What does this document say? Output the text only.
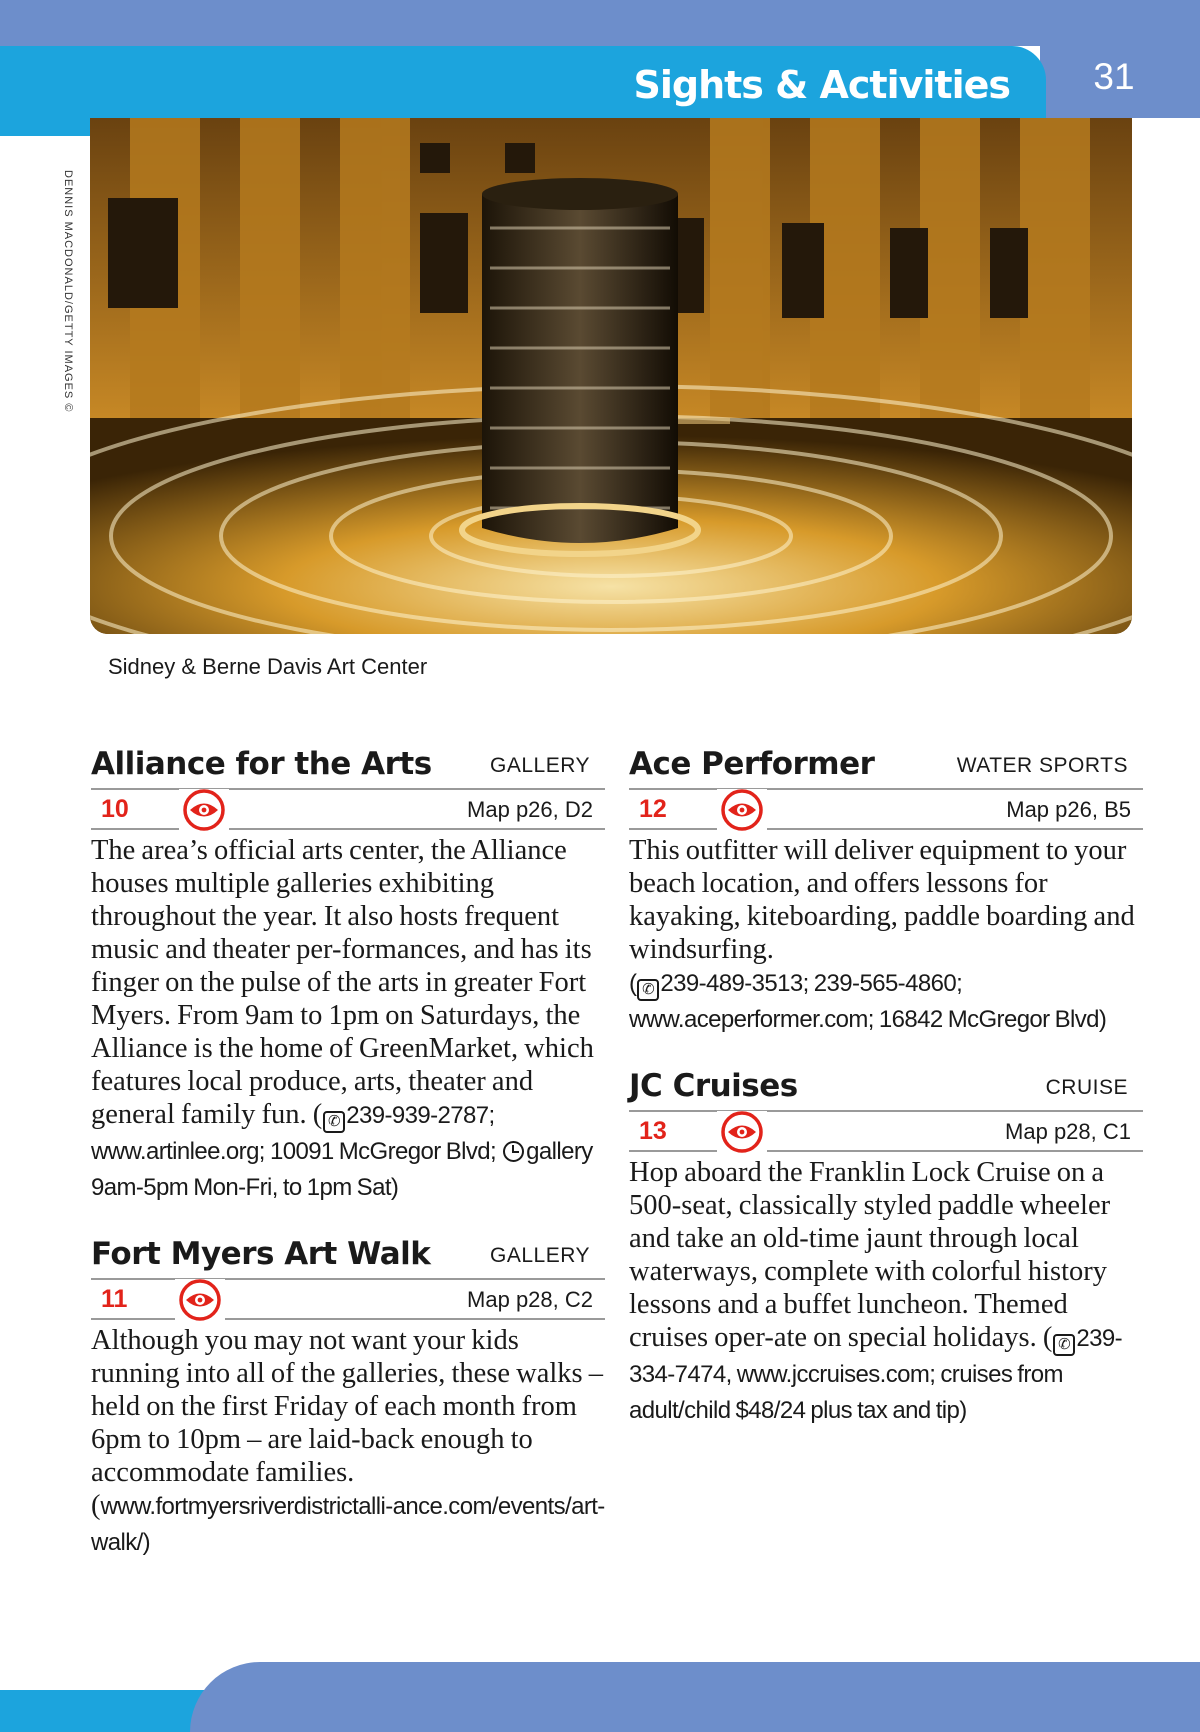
31
Sights & Activities
DENNIS MACDONALD/GETTY IMAGES ©
Sidney & Berne Davis Art Center
Alliance for the Arts	GALLERY
10	Map p26, D2
The area’s official arts center, the Alliance houses multiple galleries exhibiting throughout the year. It also hosts frequent music and theater per-formances, and has its finger on the pulse of the arts in greater Fort Myers. From 9am to 1pm on Saturdays, the Alliance is the home of GreenMarket, which features local produce, arts, theater and general family fun. ( ✆ 239-939-2787; www.artinlee.org; 10091 McGregor Blvd; gallery 9am-5pm Mon-Fri, to 1pm Sat)
Fort Myers Art Walk	GALLERY
11	Map p28, C2
Although you may not want your kids running into all of the galleries, these walks – held on the first Friday of each month from 6pm to 10pm – are laid-back enough to accommodate families. (www.fortmyersriverdistrictalli-ance.com/events/art-walk/)
Ace Performer	WATER SPORTS
12	Map p26, B5
This outfitter will deliver equipment to your beach location, and offers lessons for kayaking, kiteboarding, paddle boarding and windsurfing.
( ✆ 239-489-3513; 239-565-4860; www.aceperformer.com; 16842 McGregor Blvd)
JC Cruises	CRUISE
13	Map p28, C1
Hop aboard the Franklin Lock Cruise on a 500-seat, classically styled paddle wheeler and take an old-time jaunt through local waterways, complete with colorful history lessons and a buffet luncheon. Themed cruises oper-ate on special holidays. ( ✆ 239-334-7474, www.jccruises.com; cruises from adult/child $48/24 plus tax and tip)
